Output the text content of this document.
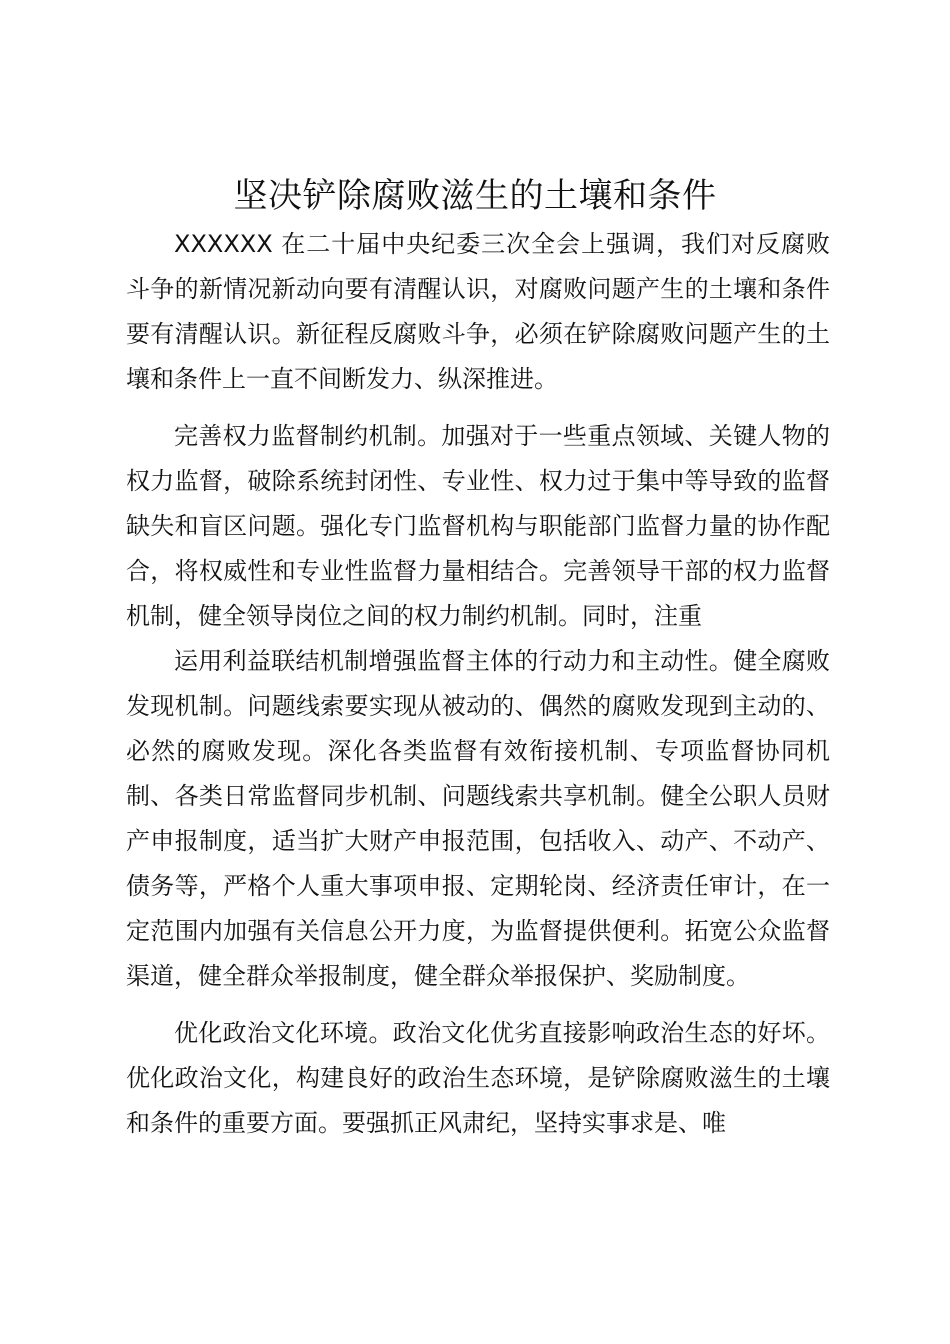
坚决铲除腐败滋生的土壤和条件

XXXXXX 在二十届中央纪委三次全会上强调，我们对反腐败斗争的新情况新动向要有清醒认识，对腐败问题产生的土壤和条件要有清醒认识。新征程反腐败斗争，必须在铲除腐败问题产生的土壤和条件上一直不间断发力、纵深推进。

完善权力监督制约机制。加强对于一些重点领域、关键人物的权力监督，破除系统封闭性、专业性、权力过于集中等导致的监督缺失和盲区问题。强化专门监督机构与职能部门监督力量的协作配合，将权威性和专业性监督力量相结合。完善领导干部的权力监督机制，健全领导岗位之间的权力制约机制。同时，注重

运用利益联结机制增强监督主体的行动力和主动性。健全腐败发现机制。问题线索要实现从被动的、偶然的腐败发现到主动的、必然的腐败发现。深化各类监督有效衔接机制、专项监督协同机制、各类日常监督同步机制、问题线索共享机制。健全公职人员财产申报制度，适当扩大财产申报范围，包括收入、动产、不动产、债务等，严格个人重大事项申报、定期轮岗、经济责任审计，在一定范围内加强有关信息公开力度，为监督提供便利。拓宽公众监督渠道，健全群众举报制度，健全群众举报保护、奖励制度。

优化政治文化环境。政治文化优劣直接影响政治生态的好坏。优化政治文化，构建良好的政治生态环境，是铲除腐败滋生的土壤和条件的重要方面。要强抓正风肃纪，坚持实事求是、唯
